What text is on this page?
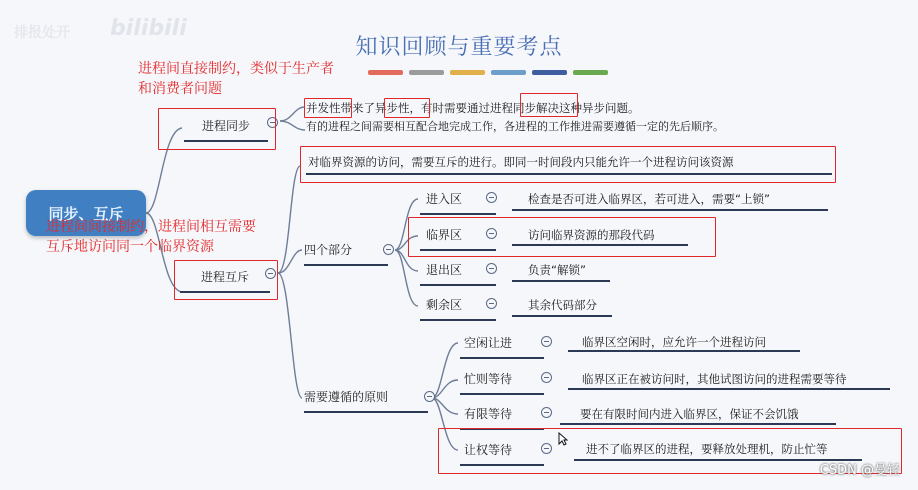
排报处开 bilibili
知识回顾与重要考点
同步、互斥
进程间直接制约，类似于生产者
和消费者问题
进程间间接制约，进程间相互需要
互斥地访问同一个临界资源
进程同步
并发性带来了异步性，有时需要通过进程同步解决这种异步问题。
有的进程之间需要相互配合地完成工作，各进程的工作推进需要遵循一定的先后顺序。
进程互斥
对临界资源的访问，需要互斥的进行。即同一时间段内只能允许一个进程访问该资源
四个部分
进入区	检查是否可进入临界区，若可进入，需要“上锁”
临界区	访问临界资源的那段代码
退出区	负责“解锁”
剩余区	其余代码部分
需要遵循的原则
空闲让进	临界区空闲时，应允许一个进程访问
忙则等待	临界区正在被访问时，其他试图访问的进程需要等待
有限等待	要在有限时间内进入临界区，保证不会饥饿
让权等待	进不了临界区的进程，要释放处理机，防止忙等
CSDN @曼轻
